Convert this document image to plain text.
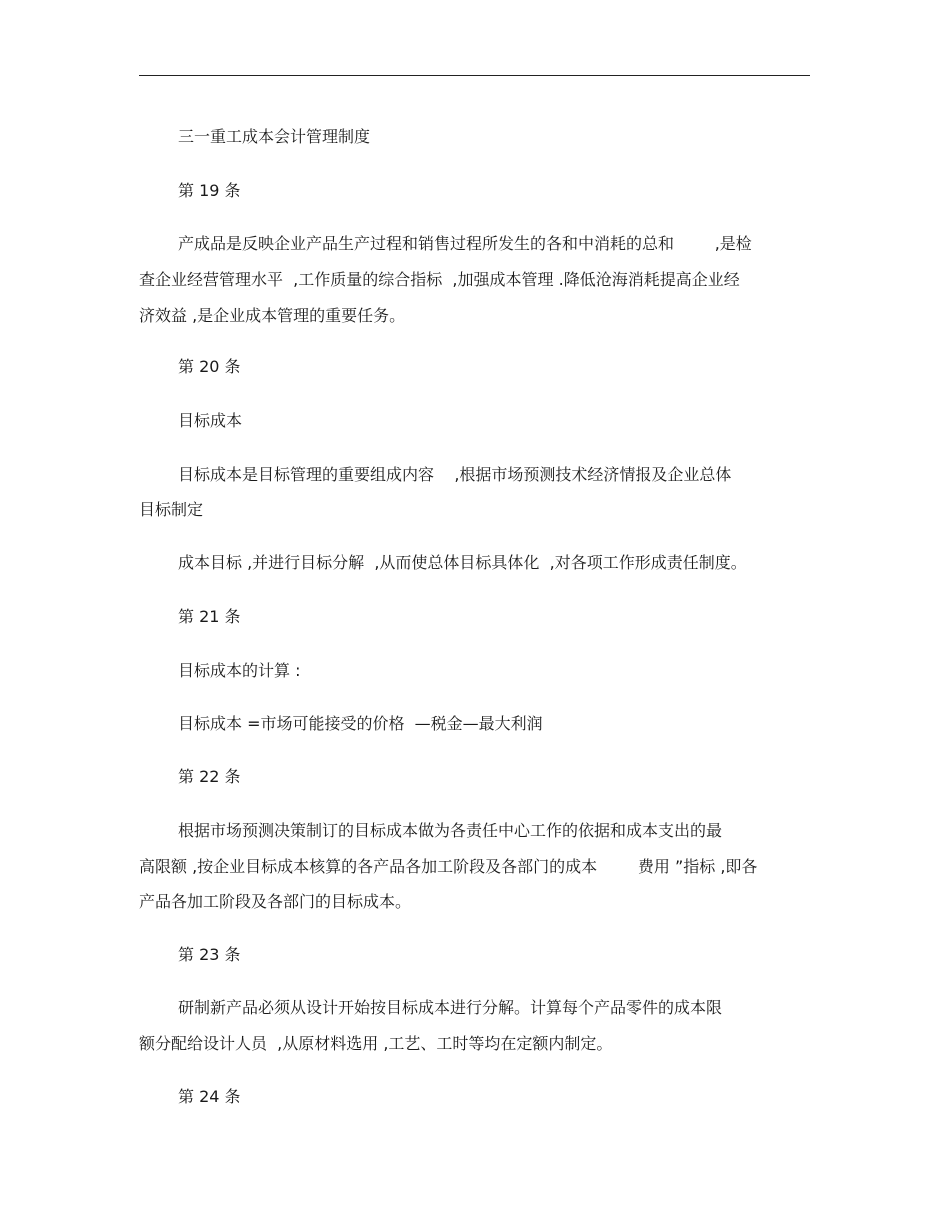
三一重工成本会计管理制度
第 19 条
产成品是反映企业产品生产过程和销售过程所发生的各和中消耗的总和        ,是检
查企业经营管理水平  ,工作质量的综合指标  ,加强成本管理 .降低沧海消耗提高企业经
济效益 ,是企业成本管理的重要任务。
第 20 条
目标成本
目标成本是目标管理的重要组成内容    ,根据市场预测技术经济情报及企业总体
目标制定
成本目标 ,并进行目标分解  ,从而使总体目标具体化  ,对各项工作形成责任制度。
第 21 条
目标成本的计算 :
目标成本 =市场可能接受的价格  —税金—最大利润
第 22 条
根据市场预测决策制订的目标成本做为各责任中心工作的依据和成本支出的最
高限额 ,按企业目标成本核算的各产品各加工阶段及各部门的成本        费用 ”指标 ,即各
产品各加工阶段及各部门的目标成本。
第 23 条
研制新产品必须从设计开始按目标成本进行分解。计算每个产品零件的成本限
额分配给设计人员  ,从原材料选用 ,工艺、工时等均在定额内制定。
第 24 条
